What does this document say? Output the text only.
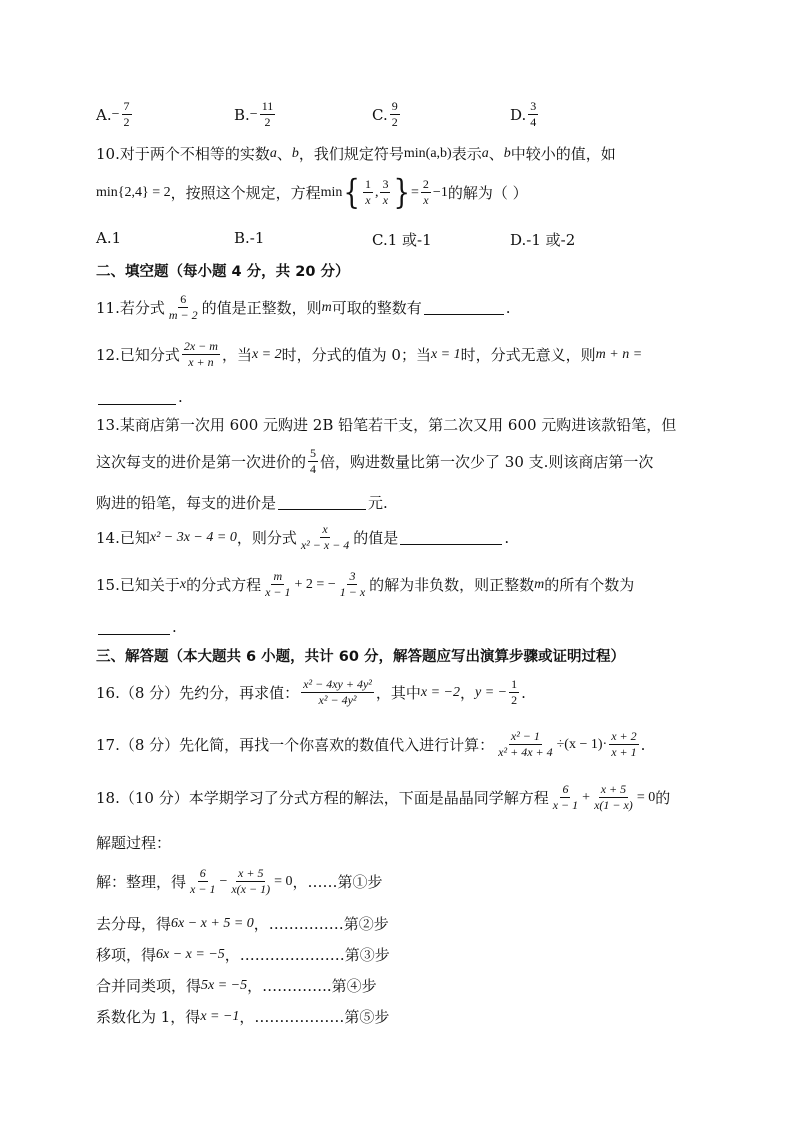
A. − $\frac{7}{2}$	B. − $\frac{11}{2}$	C. $\frac{9}{2}$	D. $\frac{3}{4}$
10.对于两个不相等的实数 a 、 b ，我们规定符号 min(a,b) 表示 a 、 b 中较小的值，如
min{2,4} = 2 ，按照这个规定，方程 min { $\frac{1}{x}$ , $\frac{3}{x}$ } = $\frac{2}{x} -1$ 的解为（ ）
A.1	B.-1	C.1 或-1	D.-1 或-2
二、填空题（每小题 4 分，共 20 分）
11.若分式 $\frac{6}{m - 2}$ 的值是正整数，则 m 可取的整数有	.
12.已知分式 $\frac{2x - m}{x + n}$ ，当 x = 2 时，分式的值为 0；当 x = 1 时，分式无意义，则 m + n =
.
13.某商店第一次用 600 元购进 2B 铅笔若干支，第二次又用 600 元购进该款铅笔，但
这次每支的进价是第一次进价的 $\frac{5}{4}$ 倍，购进数量比第一次少了 30 支.则该商店第一次
购进的铅笔，每支的进价是	元.
14.已知 x² − 3x − 4 = 0 ，则分式 $\frac{x}{\text{x² − x − 4}}$ 的值是	.
15.已知关于 x 的分式方程 $\frac{m}{x - 1} + 2$ = − $\frac{3}{1 - x}$ 的解为非负数，则正整数 m 的所有个数为
.
三、解答题（本大题共 6 小题，共计 60 分，解答题应写出演算步骤或证明过程）
16.（8 分）先约分，再求值： $\frac{\text{x² − 4xy + 4y²}}{\text{x² − 4y²}}$ ，其中 x = −2 ， y = − $\frac{1}{2}$ .
17.（8 分）先化简，再找一个你喜欢的数值代入进行计算： $\frac{\text{x² − 1}}{\text{x² + 4x + 4}} \div(x - 1)\cdot \frac{x + 2}{x + 1}$ .
18.（10 分）本学期学习了分式方程的解法，下面是晶晶同学解方程 $\frac{6}{x - 1} + \frac{x + 5}{x(1 - x)} = 0$ 的
解题过程：
解：整理，得 $\frac{6}{x - 1} - \frac{x + 5}{x(x - 1)} = 0$ ，……第①步
去分母，得 6x − x + 5 = 0 ，……………第②步
移项，得 6x − x = −5 ，…………………第③步
合并同类项，得 5x = −5 ，…………..第④步
系数化为 1，得 x = −1 ，………………第⑤步
